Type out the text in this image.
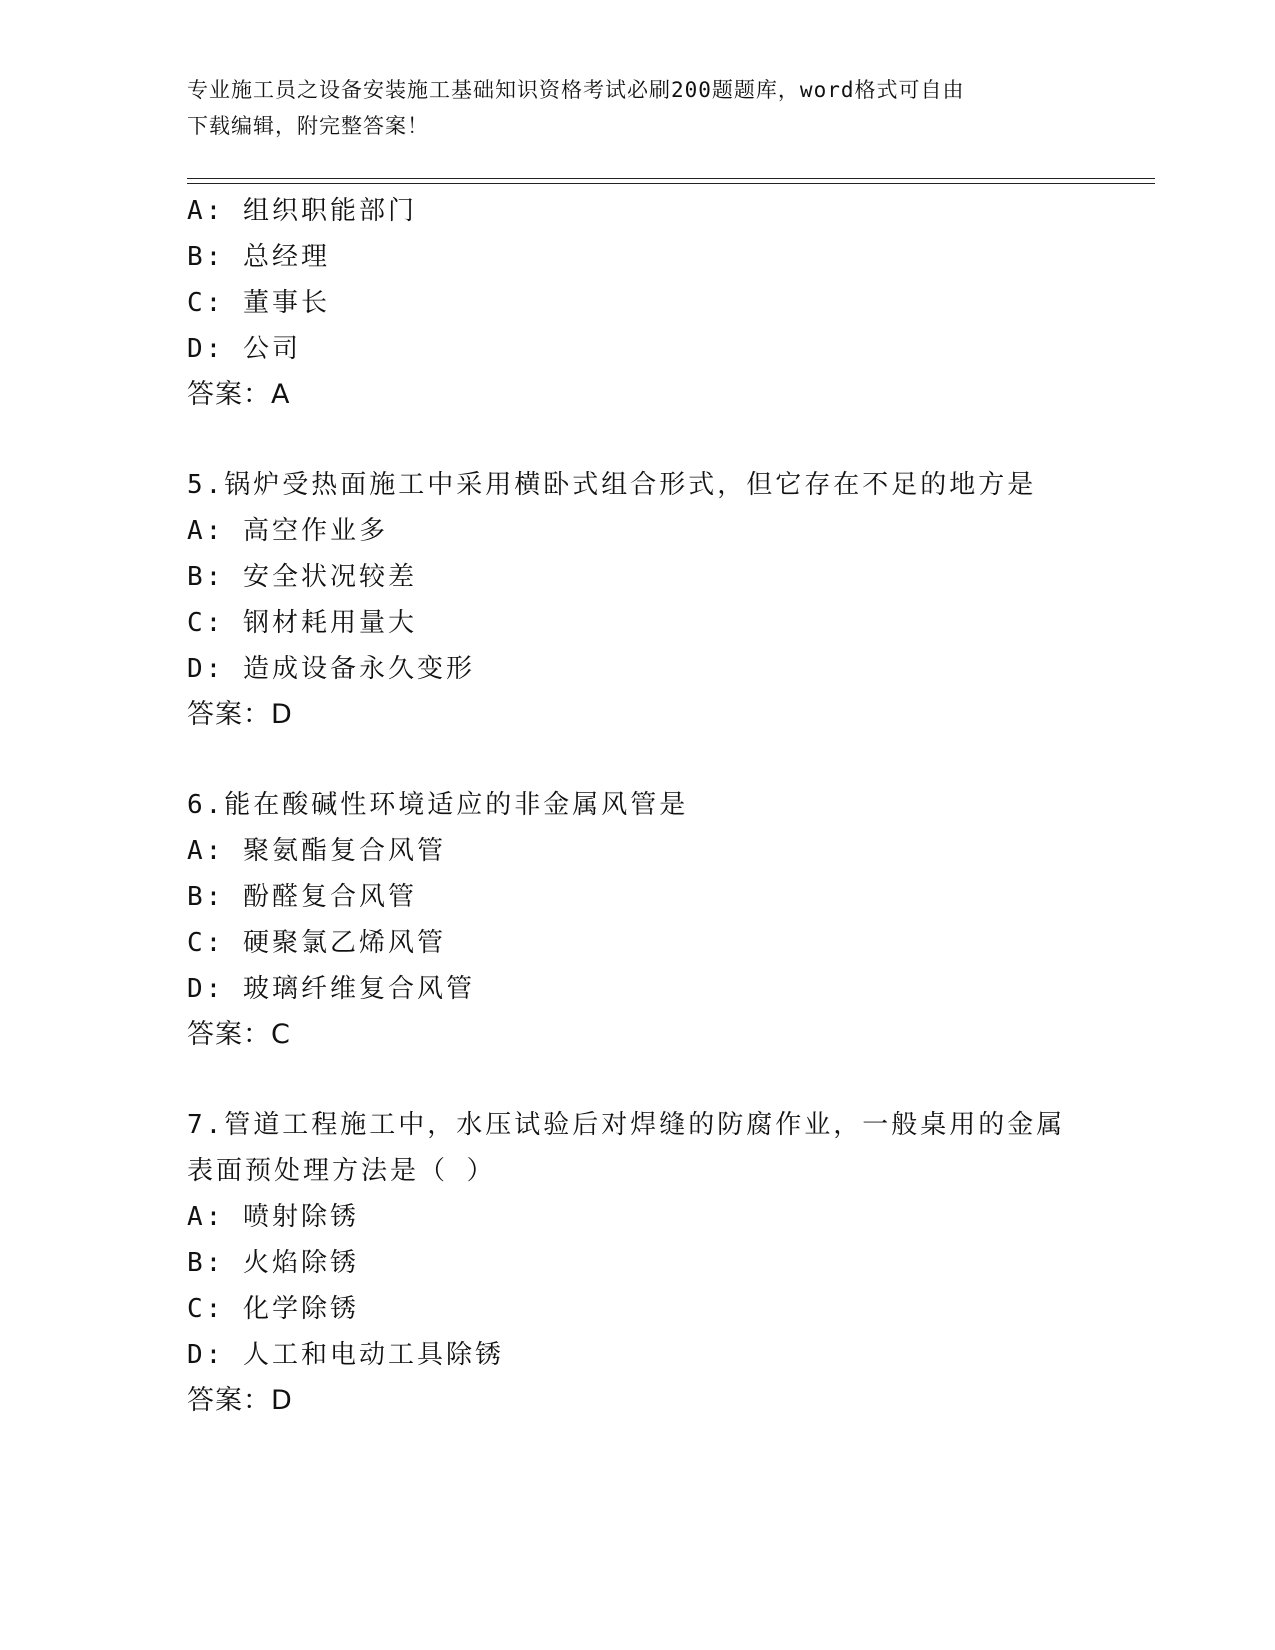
专业施工员之设备安装施工基础知识资格考试必刷200题题库，word格式可自由
下载编辑，附完整答案！
A: 组织职能部门
B: 总经理
C: 董事长
D: 公司
答案：A
5.锅炉受热面施工中采用横卧式组合形式，但它存在不足的地方是
A: 高空作业多
B: 安全状况较差
C: 钢材耗用量大
D: 造成设备永久变形
答案：D
6.能在酸碱性环境适应的非金属风管是
A: 聚氨酯复合风管
B: 酚醛复合风管
C: 硬聚氯乙烯风管
D: 玻璃纤维复合风管
答案：C
7.管道工程施工中，水压试验后对焊缝的防腐作业，一般桌用的金属
表面预处理方法是（ ）
A: 喷射除锈
B: 火焰除锈
C: 化学除锈
D: 人工和电动工具除锈
答案：D
